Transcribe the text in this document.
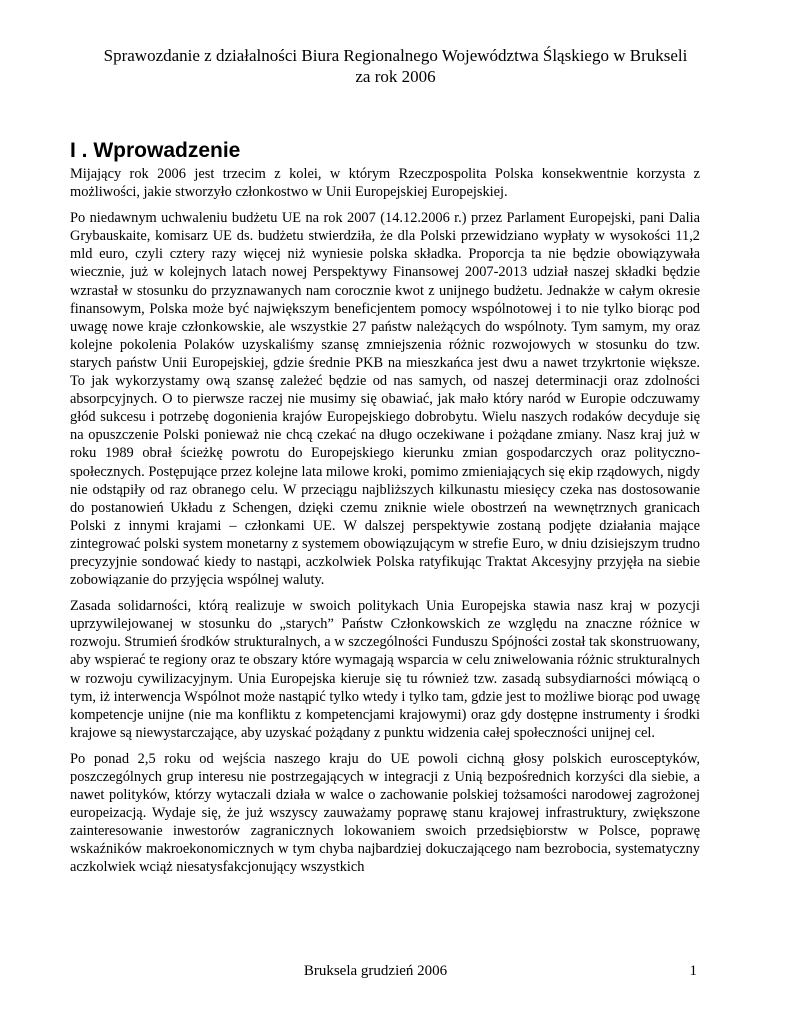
Sprawozdanie z działalności Biura Regionalnego Województwa Śląskiego w Brukseli
za rok 2006
I . Wprowadzenie

Mijający rok 2006 jest trzecim z kolei, w którym Rzeczpospolita Polska konsekwentnie korzysta z możliwości, jakie stworzyło członkostwo w Unii Europejskiej Europejskiej.

Po niedawnym uchwaleniu budżetu UE na rok 2007 (14.12.2006 r.) przez Parlament Europejski, pani Dalia Grybauskaite, komisarz UE ds. budżetu stwierdziła, że dla Polski przewidziano wypłaty w wysokości 11,2 mld euro, czyli cztery razy więcej niż wyniesie polska składka. Proporcja ta nie będzie obowiązywała wiecznie, już w kolejnych latach nowej Perspektywy Finansowej 2007-2013 udział naszej składki będzie wzrastał w stosunku do przyznawanych nam corocznie kwot z unijnego budżetu. Jednakże w całym okresie finansowym, Polska może być największym beneficjentem pomocy wspólnotowej i to nie tylko biorąc pod uwagę nowe kraje członkowskie, ale wszystkie 27 państw należących do wspólnoty. Tym samym, my oraz kolejne pokolenia Polaków uzyskaliśmy szansę zmniejszenia różnic rozwojowych w stosunku do tzw. starych państw Unii Europejskiej, gdzie średnie PKB na mieszkańca jest dwu a nawet trzykrtonie większe. To jak wykorzystamy ową szansę zależeć będzie od nas samych, od naszej determinacji oraz zdolności absorpcyjnych. O to pierwsze raczej nie musimy się obawiać, jak mało który naród w Europie odczuwamy głód sukcesu i potrzebę dogonienia krajów Europejskiego dobrobytu. Wielu naszych rodaków decyduje się na opuszczenie Polski ponieważ nie chcą czekać na długo oczekiwane i pożądane zmiany. Nasz kraj już w roku 1989 obrał ścieżkę powrotu do Europejskiego kierunku zmian gospodarczych oraz polityczno-społecznych. Postępujące przez kolejne lata milowe kroki, pomimo zmieniających się ekip rządowych, nigdy nie odstąpiły od raz obranego celu. W przeciągu najbliższych kilkunastu miesięcy czeka nas dostosowanie do postanowień Układu z Schengen, dzięki czemu zniknie wiele obostrzeń na wewnętrznych granicach Polski z innymi krajami – członkami UE. W dalszej perspektywie zostaną podjęte działania mające zintegrować polski system monetarny z systemem obowiązującym w strefie Euro, w dniu dzisiejszym trudno precyzyjnie sondować kiedy to nastąpi, aczkolwiek Polska ratyfikując Traktat Akcesyjny przyjęła na siebie zobowiązanie do przyjęcia wspólnej waluty.

Zasada solidarności, którą realizuje w swoich politykach Unia Europejska stawia nasz kraj w pozycji uprzywilejowanej w stosunku do „starych” Państw Członkowskich ze względu na znaczne różnice w rozwoju. Strumień środków strukturalnych, a w szczególności Funduszu Spójności został tak skonstruowany, aby wspierać te regiony oraz te obszary które wymagają wsparcia w celu zniwelowania różnic strukturalnych w rozwoju cywilizacyjnym. Unia Europejska kieruje się tu również tzw. zasadą subsydiarności mówiącą o tym, iż interwencja Wspólnot może nastąpić tylko wtedy i tylko tam, gdzie jest to możliwe biorąc pod uwagę kompetencje unijne (nie ma konfliktu z kompetencjami krajowymi) oraz gdy dostępne instrumenty i środki krajowe są niewystarczające, aby uzyskać pożądany z punktu widzenia całej społeczności unijnej cel.

Po ponad 2,5 roku od wejścia naszego kraju do UE powoli cichną głosy polskich eurosceptyków, poszczególnych grup interesu nie postrzegających w integracji z Unią bezpośrednich korzyści dla siebie, a nawet polityków, którzy wytaczali działa w walce o zachowanie polskiej tożsamości narodowej zagrożonej europeizacją. Wydaje się, że już wszyscy zauważamy poprawę stanu krajowej infrastruktury, zwiększone zainteresowanie inwestorów zagranicznych lokowaniem swoich przedsiębiorstw w Polsce, poprawę wskaźników makroekonomicznych w tym chyba najbardziej dokuczającego nam bezrobocia, systematyczny aczkolwiek wciąż niesatysfakcjonujący wszystkich

Bruksela grudzień 2006	1
